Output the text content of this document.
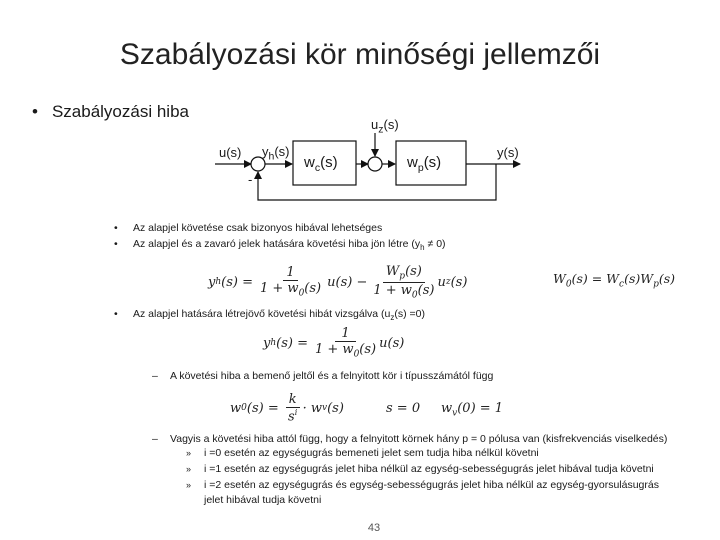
Szabályozási kör minőségi jellemzői
• Szabályozási hiba
u(s) $y_h(s)$
-
$u_z(s)$
$w_c(s)$	$w_p(s)$
y(s)
• Az alapjel követése csak bizonyos hibával lehetséges
• Az alapjel és a zavaró jelek hatására követési hiba jön létre $(y_h \ne 0)$
y h $(s) = \frac{1}{1 + w_0(s)} u(s) - \frac{W_p(s)}{1 + w_0(s)}$ u z (s)	$W_0(s) = W_c(s)W_p(s)$
• Az alapjel hatására létrejövő követési hibát vizsgálva $(u_z(s) =0)$
y h $(s) = \frac{1}{1 + w_0(s)} u(s)$
– A követési hiba a bemenő jeltől és a felnyitott kör i típusszámától függ
w 0 $(s) = \frac{k}{s^i} \cdot w$ v (s)	s = 0 $w_v(0) = 1$
– Vagyis a követési hiba attól függ, hogy a felnyitott körnek hány p = 0 pólusa van (kisfrekvenciás viselkedés)
» i =0 esetén az egységugrás bemeneti jelet sem tudja hiba nélkül követni
» i =1 esetén az egységugrás jelet hiba nélkül az egység-sebességugrás jelet hibával tudja követni
» i =2 esetén az egységugrás és egység-sebességugrás jelet hiba nélkül az egység-gyorsulásugrás
jelet hibával tudja követni
43
